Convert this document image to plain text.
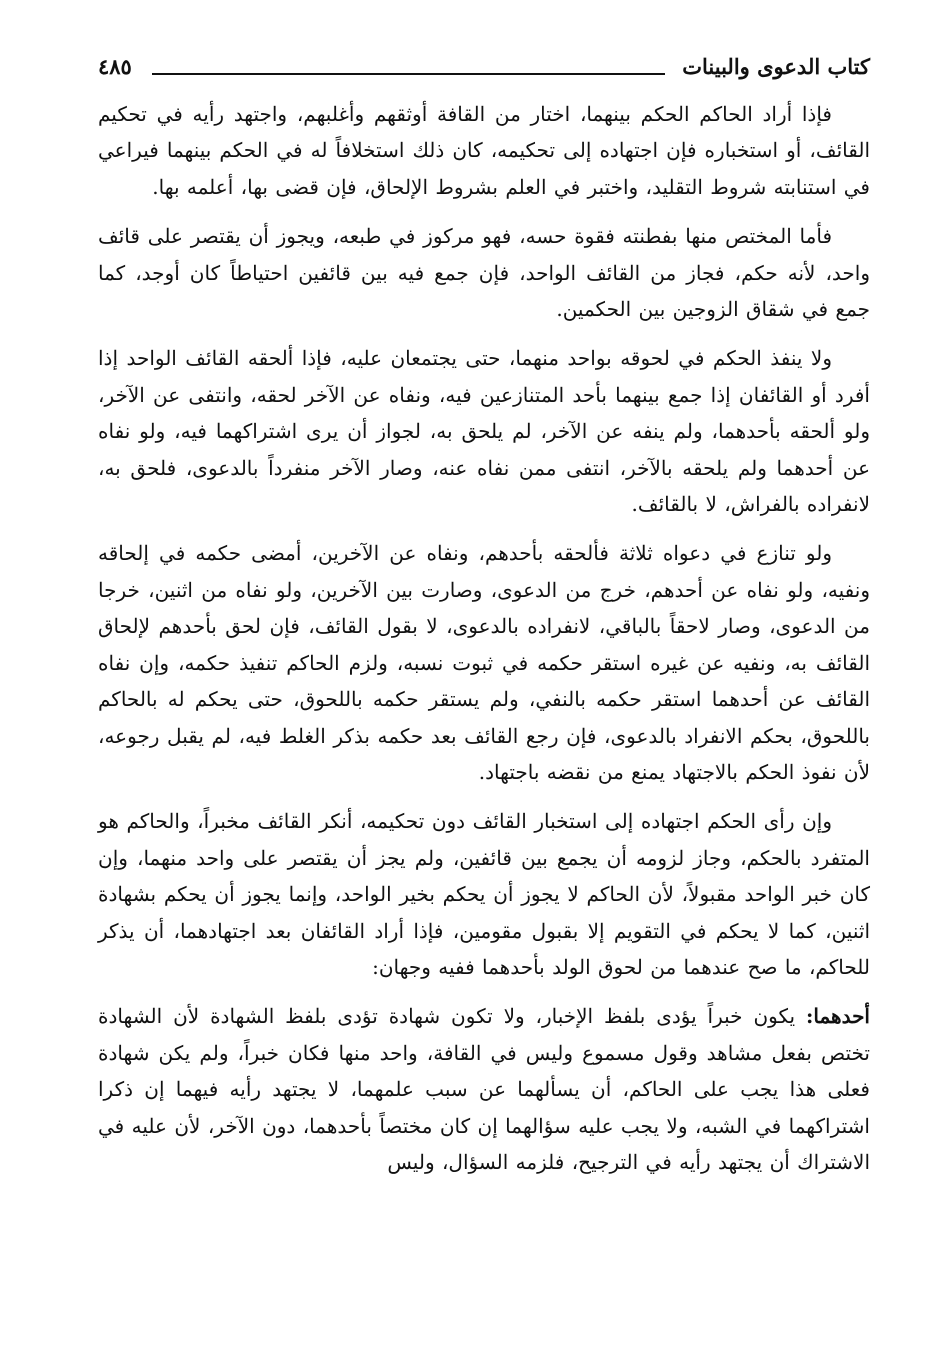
كتاب الدعوى والبينات
٤٨٥

فإذا أراد الحاكم الحكم بينهما، اختار من القافة أوثقهم وأغلبهم، واجتهد رأيه في تحكيم القائف، أو استخباره فإن اجتهاده إلى تحكيمه، كان ذلك استخلافاً له في الحكم بينهما فيراعي في استنابته شروط التقليد، واختبر في العلم بشروط الإلحاق، فإن قضى بها، أعلمه بها.

فأما المختص منها بفطنته فقوة حسه، فهو مركوز في طبعه، ويجوز أن يقتصر على قائف واحد، لأنه حكم، فجاز من القائف الواحد، فإن جمع فيه بين قائفين احتياطاً كان أوجد، كما جمع في شقاق الزوجين بين الحكمين.

ولا ينفذ الحكم في لحوقه بواحد منهما، حتى يجتمعان عليه، فإذا ألحقه القائف الواحد إذا أفرد أو القائفان إذا جمع بينهما بأحد المتنازعين فيه، ونفاه عن الآخر لحقه، وانتفى عن الآخر، ولو ألحقه بأحدهما، ولم ينفه عن الآخر، لم يلحق به، لجواز أن يرى اشتراكهما فيه، ولو نفاه عن أحدهما ولم يلحقه بالآخر، انتفى ممن نفاه عنه، وصار الآخر منفرداً بالدعوى، فلحق به، لانفراده بالفراش، لا بالقائف.

ولو تنازع في دعواه ثلاثة فألحقه بأحدهم، ونفاه عن الآخرين، أمضى حكمه في إلحاقه ونفيه، ولو نفاه عن أحدهم، خرج من الدعوى، وصارت بين الآخرين، ولو نفاه من اثنين، خرجا من الدعوى، وصار لاحقاً بالباقي، لانفراده بالدعوى، لا بقول القائف، فإن لحق بأحدهم لإلحاق القائف به، ونفيه عن غيره استقر حكمه في ثبوت نسبه، ولزم الحاكم تنفيذ حكمه، وإن نفاه القائف عن أحدهما استقر حكمه بالنفي، ولم يستقر حكمه باللحوق، حتى يحكم له بالحاكم باللحوق، بحكم الانفراد بالدعوى، فإن رجع القائف بعد حكمه بذكر الغلط فيه، لم يقبل رجوعه، لأن نفوذ الحكم بالاجتهاد يمنع من نقضه باجتهاد.

وإن رأى الحكم اجتهاده إلى استخبار القائف دون تحكيمه، أنكر القائف مخبراً، والحاكم هو المتفرد بالحكم، وجاز لزومه أن يجمع بين قائفين، ولم يجز أن يقتصر على واحد منهما، وإن كان خبر الواحد مقبولاً، لأن الحاكم لا يجوز أن يحكم بخير الواحد، وإنما يجوز أن يحكم بشهادة اثنين، كما لا يحكم في التقويم إلا بقبول مقومين، فإذا أراد القائفان بعد اجتهادهما، أن يذكر للحاكم، ما صح عندهما من لحوق الولد بأحدهما ففيه وجهان:

أحدهما: يكون خبراً يؤدى بلفظ الإخبار، ولا تكون شهادة تؤدى بلفظ الشهادة لأن الشهادة تختص بفعل مشاهد وقول مسموع وليس في القافة، واحد منها فكان خبراً، ولم يكن شهادة فعلى هذا يجب على الحاكم، أن يسألهما عن سبب علمهما، لا يجتهد رأيه فيهما إن ذكرا اشتراكهما في الشبه، ولا يجب عليه سؤالهما إن كان مختصاً بأحدهما، دون الآخر، لأن عليه في الاشتراك أن يجتهد رأيه في الترجيح، فلزمه السؤال، وليس
